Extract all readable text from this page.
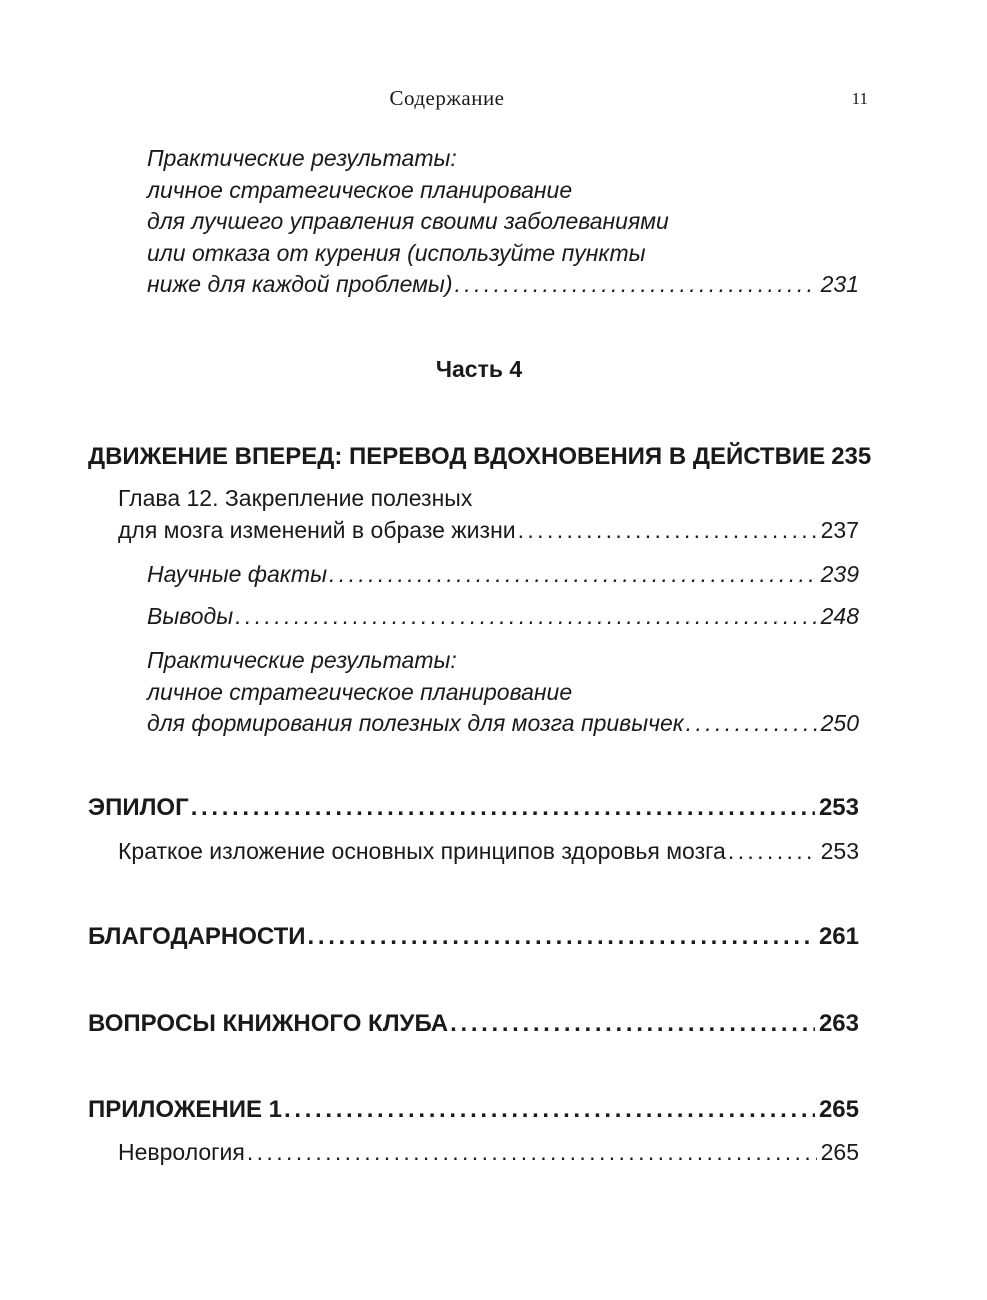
Содержание	11
Практические результаты:
личное стратегическое планирование
для лучшего управления своими заболеваниями
или отказа от курения (используйте пункты
ниже для каждой проблемы) . . .	231
Часть 4
ДВИЖЕНИЕ ВПЕРЕД: ПЕРЕВОД ВДОХНОВЕНИЯ В ДЕЙСТВИЕ 235
Глава 12. Закрепление полезных
для мозга изменений в образе жизни . . .	237
Научные факты . . .	239
Выводы . . .	248
Практические результаты:
личное стратегическое планирование
для формирования полезных для мозга привычек . . .	250
ЭПИЛОГ . . .	253
Краткое изложение основных принципов здоровья мозга . . .	253
БЛАГОДАРНОСТИ . . .	261
ВОПРОСЫ КНИЖНОГО КЛУБА . . .	263
ПРИЛОЖЕНИЕ 1 . . .	265
Неврология . . .	265
